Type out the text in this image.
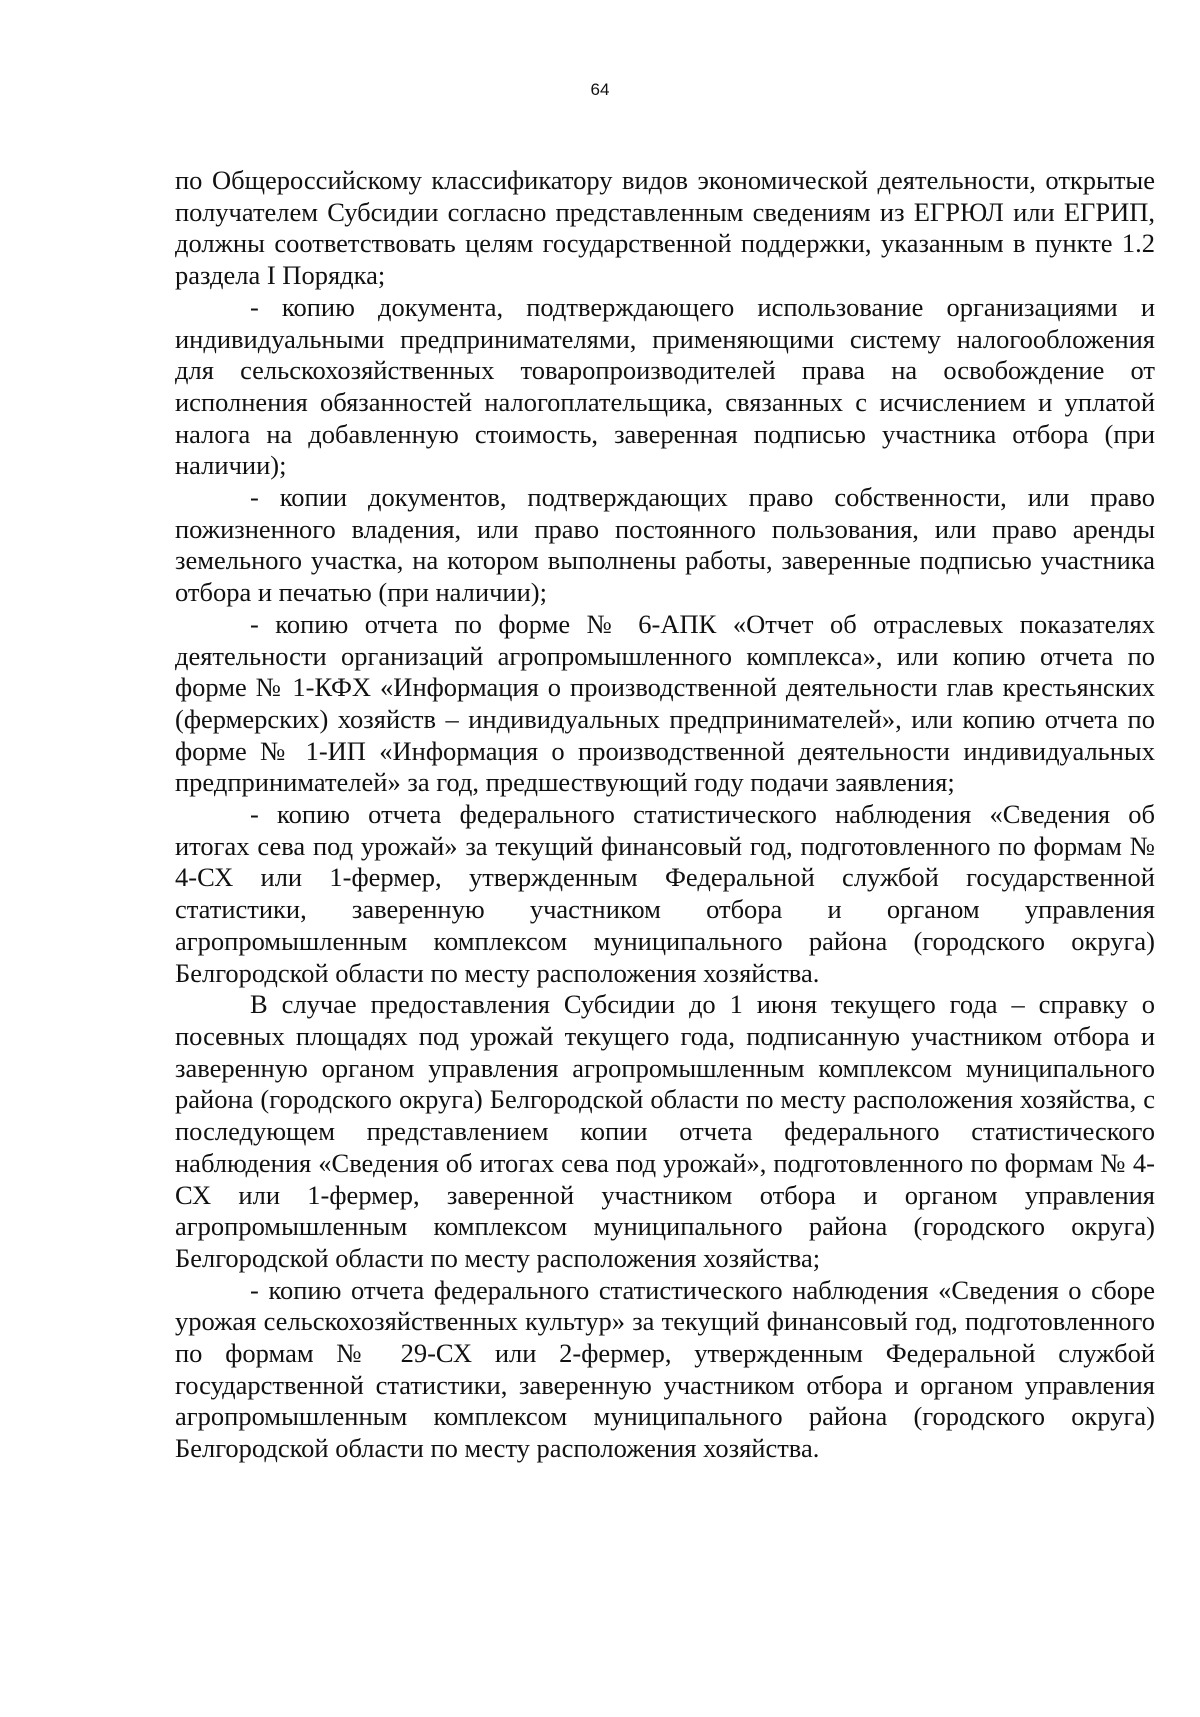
64

по Общероссийскому классификатору видов экономической деятельности, открытые получателем Субсидии согласно представленным сведениям из ЕГРЮЛ или ЕГРИП, должны соответствовать целям государственной поддержки, указанным в пункте 1.2 раздела I Порядка;

- копию документа, подтверждающего использование организациями и индивидуальными предпринимателями, применяющими систему налогообложения для сельскохозяйственных товаропроизводителей права на освобождение от исполнения обязанностей налогоплательщика, связанных с исчислением и уплатой налога на добавленную стоимость, заверенная подписью участника отбора (при наличии);

- копии документов, подтверждающих право собственности, или право пожизненного владения, или право постоянного пользования, или право аренды земельного участка, на котором выполнены работы, заверенные подписью участника отбора и печатью (при наличии);

- копию отчета по форме № 6-АПК «Отчет об отраслевых показателях деятельности организаций агропромышленного комплекса», или копию отчета по форме № 1-КФХ «Информация о производственной деятельности глав крестьянских (фермерских) хозяйств – индивидуальных предпринимателей», или копию отчета по форме № 1-ИП «Информация о производственной деятельности индивидуальных предпринимателей» за год, предшествующий году подачи заявления;

- копию отчета федерального статистического наблюдения «Сведения об итогах сева под урожай» за текущий финансовый год, подготовленного по формам № 4-СХ или 1-фермер, утвержденным Федеральной службой государственной статистики, заверенную участником отбора и органом управления агропромышленным комплексом муниципального района (городского округа) Белгородской области по месту расположения хозяйства.

В случае предоставления Субсидии до 1 июня текущего года – справку о посевных площадях под урожай текущего года, подписанную участником отбора и заверенную органом управления агропромышленным комплексом муниципального района (городского округа) Белгородской области по месту расположения хозяйства, с последующем представлением копии отчета федерального статистического наблюдения «Сведения об итогах сева под урожай», подготовленного по формам № 4-СХ или 1-фермер, заверенной участником отбора и органом управления агропромышленным комплексом муниципального района (городского округа) Белгородской области по месту расположения хозяйства;

- копию отчета федерального статистического наблюдения «Сведения о сборе урожая сельскохозяйственных культур» за текущий финансовый год, подготовленного по формам № 29-СХ или 2-фермер, утвержденным Федеральной службой государственной статистики, заверенную участником отбора и органом управления агропромышленным комплексом муниципального района (городского округа) Белгородской области по месту расположения хозяйства.
